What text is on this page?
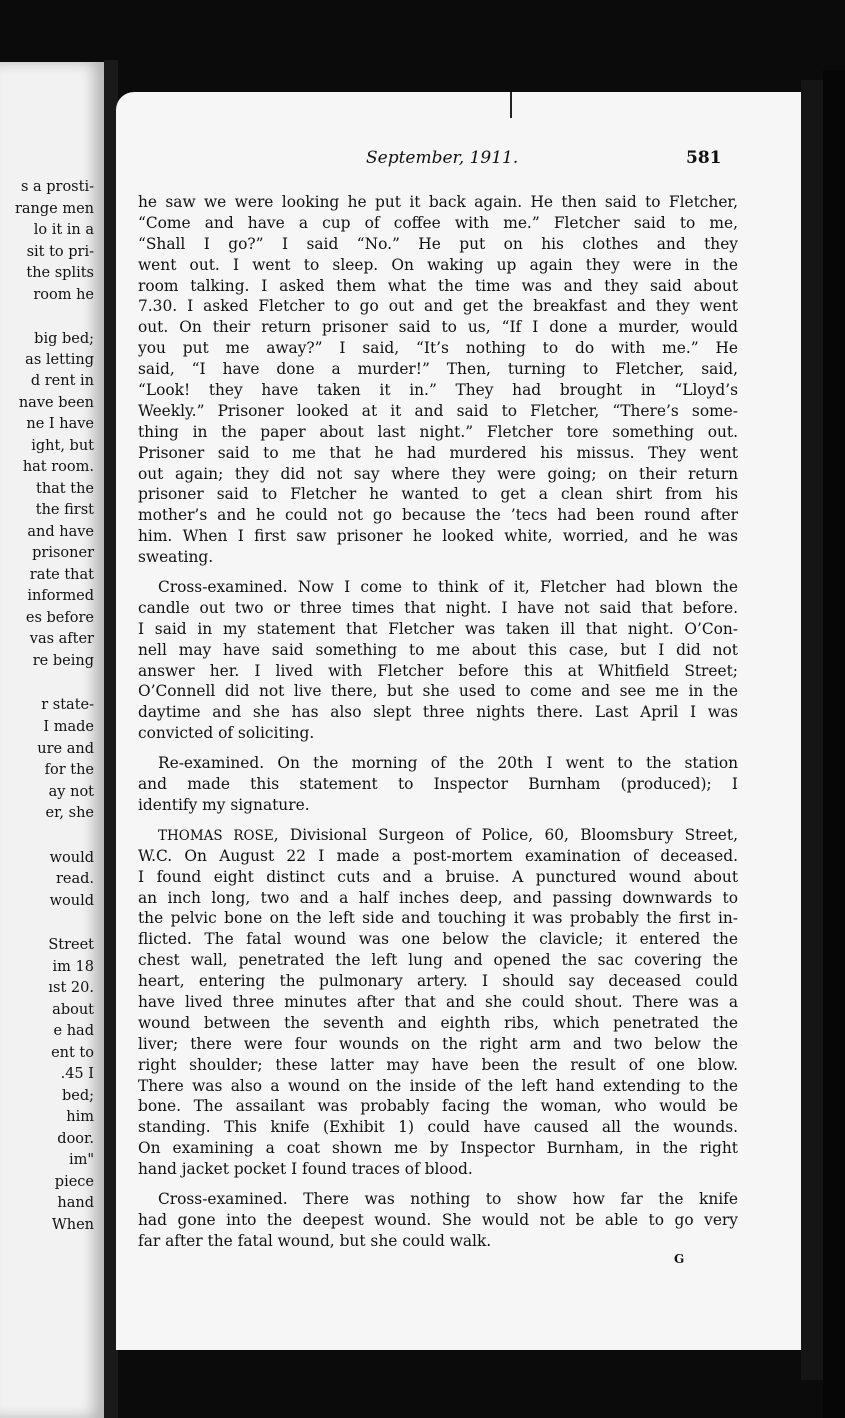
s a prosti-
range men
lo it in a
sit to pri-
the splits
room he
big bed;
as letting
d rent in
nave been
ne I have
ight, but
hat room.
that the
the first
and have
prisoner
rate that
informed
es before
vas after
re being
r state-
I made
ure and
for the
ay not
er, she
would
read.
would
Street
im 18
ıst 20.
about
e had
ent to
.45 I
bed;
him
door.
im"
piece
hand
When
September, 1911.	581
he saw we were looking he put it back again. He then said to Fletcher,
“Come and have a cup of coffee with me.” Fletcher said to me,
“Shall I go?” I said “No.” He put on his clothes and they
went out. I went to sleep. On waking up again they were in the
room talking. I asked them what the time was and they said about
7.30. I asked Fletcher to go out and get the breakfast and they went
out. On their return prisoner said to us, “If I done a murder, would
you put me away?” I said, “It’s nothing to do with me.” He
said, “I have done a murder!” Then, turning to Fletcher, said,
“Look! they have taken it in.” They had brought in “Lloyd’s
Weekly.” Prisoner looked at it and said to Fletcher, “There’s some-
thing in the paper about last night.” Fletcher tore something out.
Prisoner said to me that he had murdered his missus. They went
out again; they did not say where they were going; on their return
prisoner said to Fletcher he wanted to get a clean shirt from his
mother’s and he could not go because the ’tecs had been round after
him. When I first saw prisoner he looked white, worried, and he was
sweating.
Cross-examined. Now I come to think of it, Fletcher had blown the
candle out two or three times that night. I have not said that before.
I said in my statement that Fletcher was taken ill that night. O’Con-
nell may have said something to me about this case, but I did not
answer her. I lived with Fletcher before this at Whitfield Street;
O’Connell did not live there, but she used to come and see me in the
daytime and she has also slept three nights there. Last April I was
convicted of soliciting.
Re-examined. On the morning of the 20th I went to the station
and made this statement to Inspector Burnham (produced); I
identify my signature.
THOMAS ROSE, Divisional Surgeon of Police, 60, Bloomsbury Street,
W.C. On August 22 I made a post-mortem examination of deceased.
I found eight distinct cuts and a bruise. A punctured wound about
an inch long, two and a half inches deep, and passing downwards to
the pelvic bone on the left side and touching it was probably the first in-
flicted. The fatal wound was one below the clavicle; it entered the
chest wall, penetrated the left lung and opened the sac covering the
heart, entering the pulmonary artery. I should say deceased could
have lived three minutes after that and she could shout. There was a
wound between the seventh and eighth ribs, which penetrated the
liver; there were four wounds on the right arm and two below the
right shoulder; these latter may have been the result of one blow.
There was also a wound on the inside of the left hand extending to the
bone. The assailant was probably facing the woman, who would be
standing. This knife (Exhibit 1) could have caused all the wounds.
On examining a coat shown me by Inspector Burnham, in the right
hand jacket pocket I found traces of blood.
Cross-examined. There was nothing to show how far the knife
had gone into the deepest wound. She would not be able to go very
far after the fatal wound, but she could walk.
G
